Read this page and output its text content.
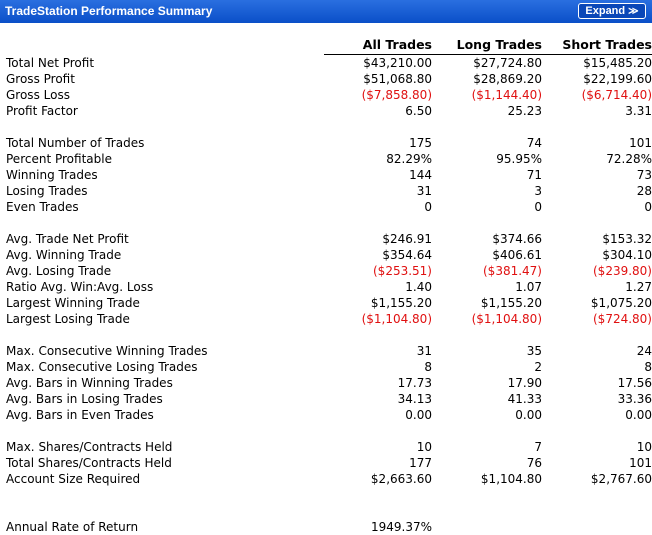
TradeStation Performance Summary	Expand ≫
	All Trades	Long Trades	Short Trades
Total Net Profit	$43,210.00	$27,724.80	$15,485.20
Gross Profit	$51,068.80	$28,869.20	$22,199.60
Gross Loss	($7,858.80)	($1,144.40)	($6,714.40)
Profit Factor	6.50	25.23	3.31

Total Number of Trades	175	74	101
Percent Profitable	82.29%	95.95%	72.28%
Winning Trades	144	71	73
Losing Trades	31	3	28
Even Trades	0	0	0

Avg. Trade Net Profit	$246.91	$374.66	$153.32
Avg. Winning Trade	$354.64	$406.61	$304.10
Avg. Losing Trade	($253.51)	($381.47)	($239.80)
Ratio Avg. Win:Avg. Loss	1.40	1.07	1.27
Largest Winning Trade	$1,155.20	$1,155.20	$1,075.20
Largest Losing Trade	($1,104.80)	($1,104.80)	($724.80)

Max. Consecutive Winning Trades	31	35	24
Max. Consecutive Losing Trades	8	2	8
Avg. Bars in Winning Trades	17.73	17.90	17.56
Avg. Bars in Losing Trades	34.13	41.33	33.36
Avg. Bars in Even Trades	0.00	0.00	0.00

Max. Shares/Contracts Held	10	7	10
Total Shares/Contracts Held	177	76	101
Account Size Required	$2,663.60	$1,104.80	$2,767.60

Annual Rate of Return	1949.37%		
